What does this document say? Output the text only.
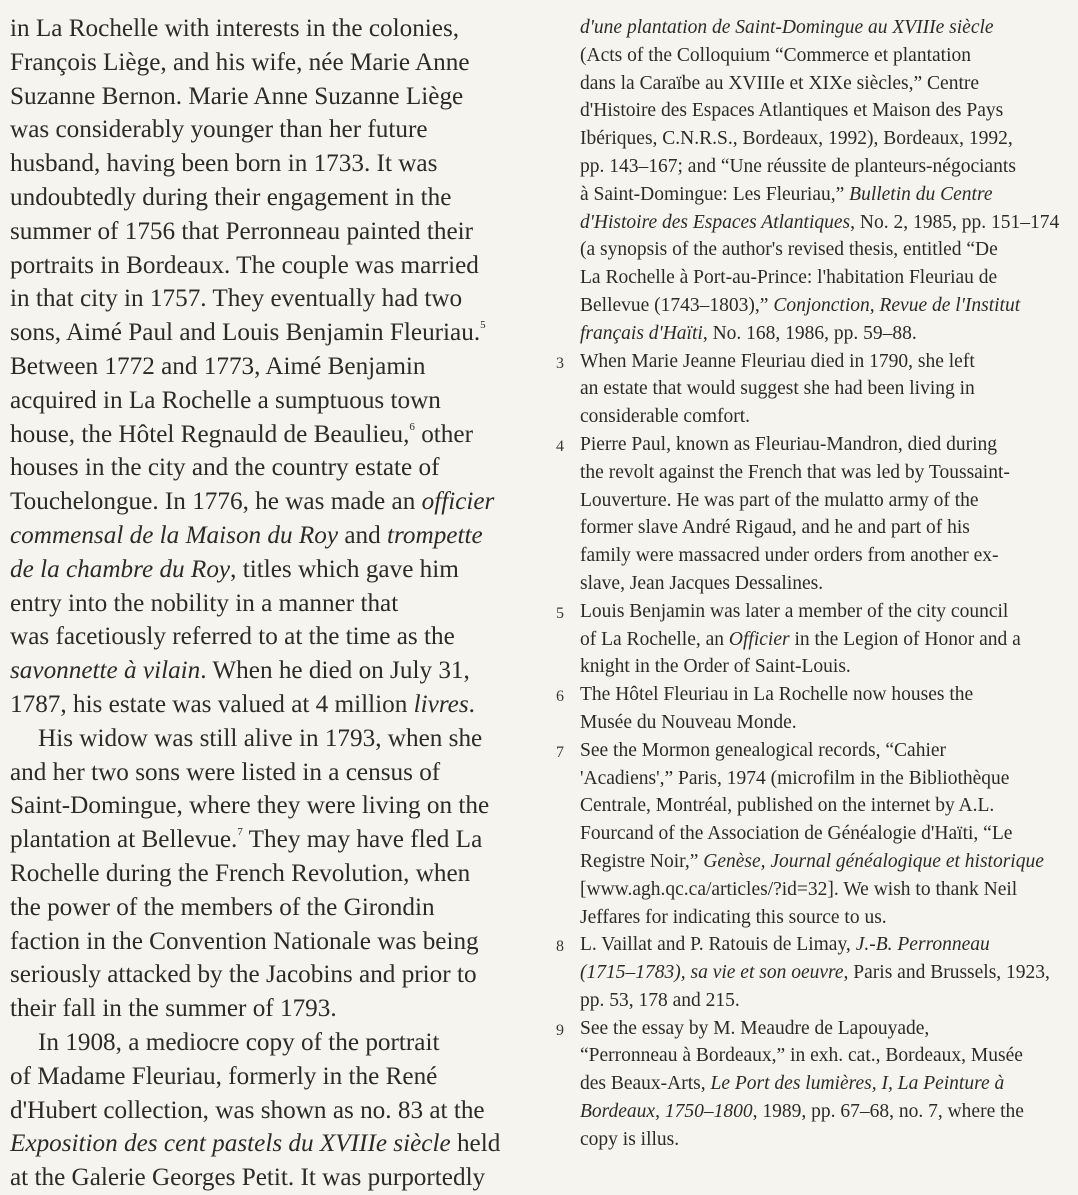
in La Rochelle with interests in the colonies,
François Liège, and his wife, née Marie Anne
Suzanne Bernon. Marie Anne Suzanne Liège
was considerably younger than her future
husband, having been born in 1733. It was
undoubtedly during their engagement in the
summer of 1756 that Perronneau painted their
portraits in Bordeaux. The couple was married
in that city in 1757. They eventually had two
sons, Aimé Paul and Louis Benjamin Fleuriau.$^5$
Between 1772 and 1773, Aimé Benjamin
acquired in La Rochelle a sumptuous town
house, the Hôtel Regnauld de Beaulieu,$^6$ other
houses in the city and the country estate of
Touchelongue. In 1776, he was made an officier
commensal de la Maison du Roy and trompette
de la chambre du Roy, titles which gave him
entry into the nobility in a manner that
was facetiously referred to at the time as the
savonnette à vilain. When he died on July 31,
1787, his estate was valued at 4 million livres.
His widow was still alive in 1793, when she
and her two sons were listed in a census of
Saint-Domingue, where they were living on the
plantation at Bellevue.$^7$ They may have fled La
Rochelle during the French Revolution, when
the power of the members of the Girondin
faction in the Convention Nationale was being
seriously attacked by the Jacobins and prior to
their fall in the summer of 1793.
In 1908, a mediocre copy of the portrait
of Madame Fleuriau, formerly in the René
d'Hubert collection, was shown as no. 83 at the
Exposition des cent pastels du XVIIIe siècle held
at the Galerie Georges Petit. It was purportedly
d'une plantation de Saint-Domingue au XVIIIe siècle
(Acts of the Colloquium “Commerce et plantation
dans la Caraïbe au XVIIIe et XIXe siècles,” Centre
d'Histoire des Espaces Atlantiques et Maison des Pays
Ibériques, C.N.R.S., Bordeaux, 1992), Bordeaux, 1992,
pp. 143–167; and “Une réussite de planteurs-négociants
à Saint-Domingue: Les Fleuriau,” Bulletin du Centre
d'Histoire des Espaces Atlantiques, No. 2, 1985, pp. 151–174
(a synopsis of the author's revised thesis, entitled “De
La Rochelle à Port-au-Prince: l'habitation Fleuriau de
Bellevue (1743–1803),” Conjonction, Revue de l'Institut
français d'Haïti, No. 168, 1986, pp. 59–88.
3 When Marie Jeanne Fleuriau died in 1790, she left
an estate that would suggest she had been living in
considerable comfort.
4 Pierre Paul, known as Fleuriau-Mandron, died during
the revolt against the French that was led by Toussaint-
Louverture. He was part of the mulatto army of the
former slave André Rigaud, and he and part of his
family were massacred under orders from another ex-
slave, Jean Jacques Dessalines.
5 Louis Benjamin was later a member of the city council
of La Rochelle, an Officier in the Legion of Honor and a
knight in the Order of Saint-Louis.
6 The Hôtel Fleuriau in La Rochelle now houses the
Musée du Nouveau Monde.
7 See the Mormon genealogical records, “Cahier
'Acadiens',” Paris, 1974 (microfilm in the Bibliothèque
Centrale, Montréal, published on the internet by A.L.
Fourcand of the Association de Généalogie d'Haïti, “Le
Registre Noir,” Genèse, Journal généalogique et historique
[www.agh.qc.ca/articles/?id=32]. We wish to thank Neil
Jeffares for indicating this source to us.
8 L. Vaillat and P. Ratouis de Limay, J.-B. Perronneau
(1715–1783), sa vie et son oeuvre, Paris and Brussels, 1923,
pp. 53, 178 and 215.
9 See the essay by M. Meaudre de Lapouyade,
“Perronneau à Bordeaux,” in exh. cat., Bordeaux, Musée
des Beaux-Arts, Le Port des lumières, I, La Peinture à
Bordeaux, 1750–1800, 1989, pp. 67–68, no. 7, where the
copy is illus.
